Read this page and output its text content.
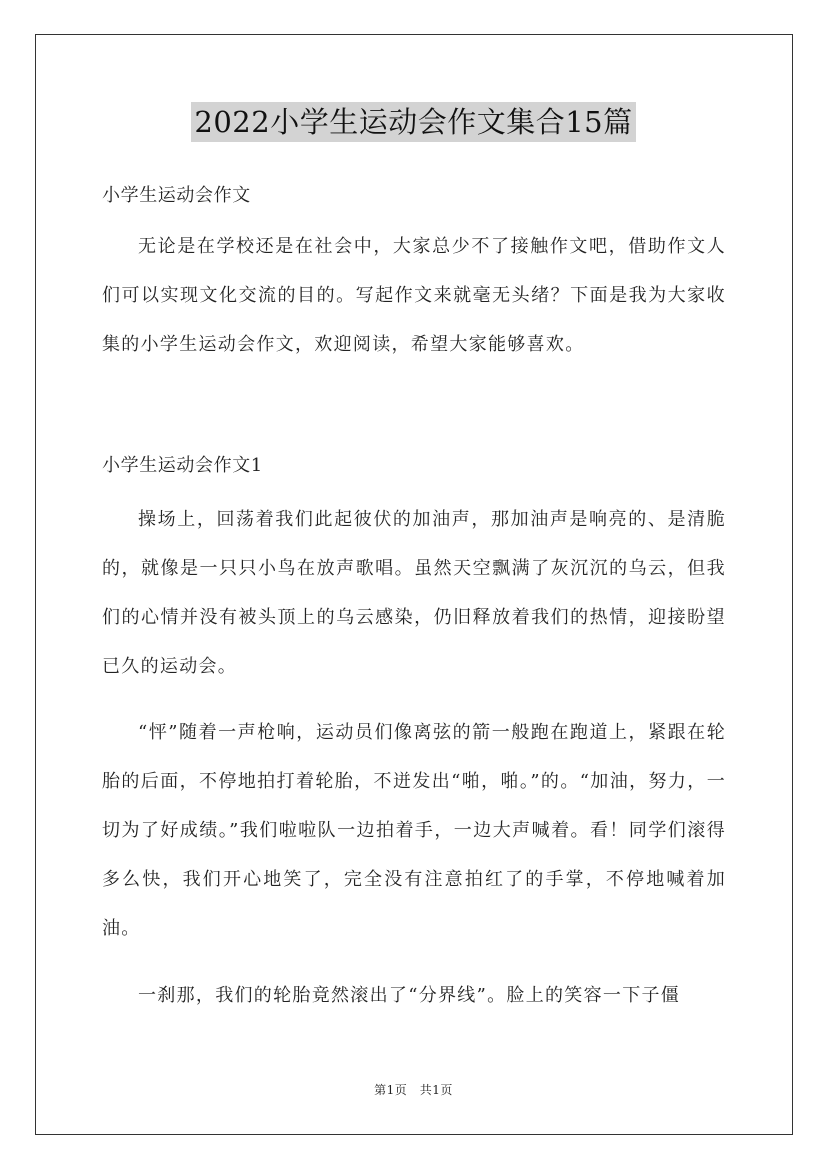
2022小学生运动会作文集合15篇

小学生运动会作文

无论是在学校还是在社会中，大家总少不了接触作文吧，借助作文人们可以实现文化交流的目的。写起作文来就毫无头绪？下面是我为大家收集的小学生运动会作文，欢迎阅读，希望大家能够喜欢。

小学生运动会作文1

操场上，回荡着我们此起彼伏的加油声，那加油声是响亮的、是清脆的，就像是一只只小鸟在放声歌唱。虽然天空飘满了灰沉沉的乌云，但我们的心情并没有被头顶上的乌云感染，仍旧释放着我们的热情，迎接盼望已久的运动会。

“怦”随着一声枪响，运动员们像离弦的箭一般跑在跑道上，紧跟在轮胎的后面，不停地拍打着轮胎，不迸发出“啪，啪。”的。“加油，努力，一切为了好成绩。”我们啦啦队一边拍着手，一边大声喊着。看！同学们滚得多么快，我们开心地笑了，完全没有注意拍红了的手掌，不停地喊着加油。

一刹那，我们的轮胎竟然滚出了“分界线”。脸上的笑容一下子僵

第1页　共1页
